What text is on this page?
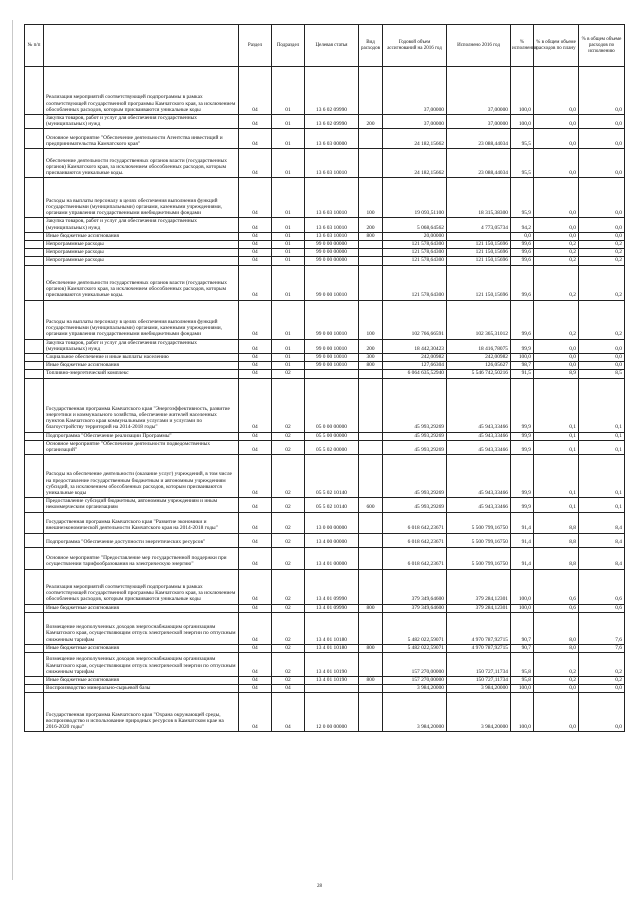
№ п/п		Раздел	Подраздел	Целевая статья	Вид расходов	Годовой объем ассигнований на 2016 год	Исполнено 2016 год	% исполнения	% в общем объеме расходов по плану	% в общем объеме расходов по исполнению
	Реализация мероприятий соответствующей подпрограммы в рамках соответствующей государственной программы Камчатского края, за исключением обособленных расходов, которым присваиваются уникальные коды	04	01	13 6 02 09990		37,00000	37,00000	100,0	0,0	0,0
	Закупка товаров, работ и услуг для обеспечения государственных (муниципальных) нужд	04	01	13 6 02 09990	200	37,00000	37,00000	100,0	0,0	0,0
	Основное мероприятие "Обеспечение деятельности Агентства инвестиций и предпринимательства Камчатского края"	04	01	13 6 03 00000		24 182,15662	23 088,44034	95,5	0,0	0,0
	Обеспечение деятельности государственных органов власти (государственных органов) Камчатского края, за исключением обособленных расходов, которым присваиваются уникальные коды.	04	01	13 6 03 10010		24 182,15662	23 088,44034	95,5	0,0	0,0
	Расходы на выплаты персоналу в целях обеспечения выполнения функций государственными (муниципальными) органами, казенными учреждениями, органами управления государственными внебюджетными фондами	04	01	13 6 03 10010	100	19 093,51100	18 315,38300	95,9	0,0	0,0
	Закупка товаров, работ и услуг для обеспечения государственных (муниципальных) нужд	04	01	13 6 03 10010	200	5 068,64562	4 773,05734	94,2	0,0	0,0
	Иные бюджетные ассигнования	04	01	13 6 03 10010	800	20,00000		0,0	0,0	0,0
	Непрограммные расходы	04	01	99 0 00 00000		121 578,64300	121 150,15696	99,6	0,2	0,2
	Непрограммные расходы	04	01	99 0 00 00000		121 578,64300	121 150,15696	99,6	0,2	0,2
	Непрограммные расходы	04	01	99 0 00 00000		121 578,64300	121 150,15696	99,6	0,2	0,2
	Обеспечение деятельности государственных органов власти (государственных органов) Камчатского края, за исключением обособленных расходов, которым присваиваются уникальные коды.	04	01	99 0 00 10010		121 578,64300	121 150,15696	99,6	0,2	0,2
	Расходы на выплаты персоналу в целях обеспечения выполнения функций государственными (муниципальными) органами, казенными учреждениями, органами управления государственными внебюджетными фондами	04	01	99 0 00 10010	100	102 766,66591	102 365,31012	99,6	0,2	0,2
	Закупка товаров, работ и услуг для обеспечения государственных (муниципальных) нужд	04	01	99 0 00 10010	200	18 442,30423	18 416,78075	99,9	0,0	0,0
	Социальное обеспечение и иные выплаты населению	04	01	99 0 00 10010	300	242,00982	242,00982	100,0	0,0	0,0
	Иные бюджетные ассигнования	04	01	99 0 00 10010	800	127,66304	126,05627	98,7	0,0	0,0
	Топливно-энергетический комплекс	04	02			6 064 635,52940	5 546 742,50216	91,5	8,9	8,5
	Государственная программа Камчатского края "Энергоэффективность, развитие энергетики и коммунального хозяйства, обеспечение жителей населенных пунктов Камчатского края коммунальными услугами и услугами по благоустройству территорий на 2014-2018 годы"	04	02	05 0 00 00000		45 993,29269	45 943,33466	99,9	0,1	0,1
	Подпрограмма "Обеспечение реализации Программы"	04	02	05 5 00 00000		45 993,29269	45 943,33466	99,9	0,1	0,1
	Основное мероприятие "Обеспечение деятельности подведомственных организаций"	04	02	05 5 02 00000		45 993,29269	45 943,33466	99,9	0,1	0,1
	Расходы на обеспечение деятельности (оказание услуг) учреждений, в том числе на предоставление государственным бюджетным и автономным учреждениям субсидий, за исключением обособленных расходов, которым присваиваются уникальные коды	04	02	05 5 02 10140		45 993,29269	45 943,33466	99,9	0,1	0,1
	Предоставление субсидий бюджетным, автономным учреждениям и иным некоммерческим организациям	04	02	05 5 02 10140	600	45 993,29269	45 943,33466	99,9	0,1	0,1
	Государственная программа Камчатского края "Развитие экономики и внешнеэкономической деятельности Камчатского края на 2014-2018 годы"	04	02	13 0 00 00000		6 018 642,23671	5 500 799,16750	91,4	8,8	8,4
	Подпрограмма "Обеспечение доступности энергетических ресурсов"	04	02	13 4 00 00000		6 018 642,23671	5 500 799,16750	91,4	8,8	8,4
	Основное мероприятие "Предоставление мер государственной поддержки при осуществлении тарифообразования на электрическую энергию"	04	02	13 4 01 00000		6 018 642,23671	5 500 799,16750	91,4	8,8	8,4
	Реализация мероприятий соответствующей подпрограммы в рамках соответствующей государственной программы Камчатского края, за исключением обособленных расходов, которым присваиваются уникальные коды	04	02	13 4 01 09990		379 349,64600	379 284,12301	100,0	0,6	0,6
	Иные бюджетные ассигнования	04	02	13 4 01 09990	800	379 349,64600	379 284,12301	100,0	0,6	0,6
	Возмещение недополученных доходов энергоснабжающим организациям Камчатского края, осуществляющим отпуск электрической энергии по отпускным сниженным тарифам	04	02	13 4 01 10180		5 482 022,59071	4 970 787,92715	90,7	8,0	7,6
	Иные бюджетные ассигнования	04	02	13 4 01 10180	800	5 482 022,59071	4 970 787,92715	90,7	8,0	7,6
	Возмещение недополученных доходов энергоснабжающим организациям Камчатского края, осуществляющим отпуск электрической энергии по отпускным сниженным тарифам	04	02	13 4 01 10190		157 270,00000	150 727,11734	95,8	0,2	0,2
	Иные бюджетные ассигнования	04	02	13 4 01 10190	800	157 270,00000	150 727,11734	95,8	0,2	0,2
	Воспроизводство минерально-сырьевой базы	04	04			3 984,20000	3 984,20000	100,0	0,0	0,0
	Государственная программа Камчатского края "Охрана окружающей среды, воспроизводство и использование природных ресурсов в Камчатском крае на 2016-2020 годы"	04	04	12 0 00 00000		3 984,20000	3 984,20000	100,0	0,0	0,0
28
